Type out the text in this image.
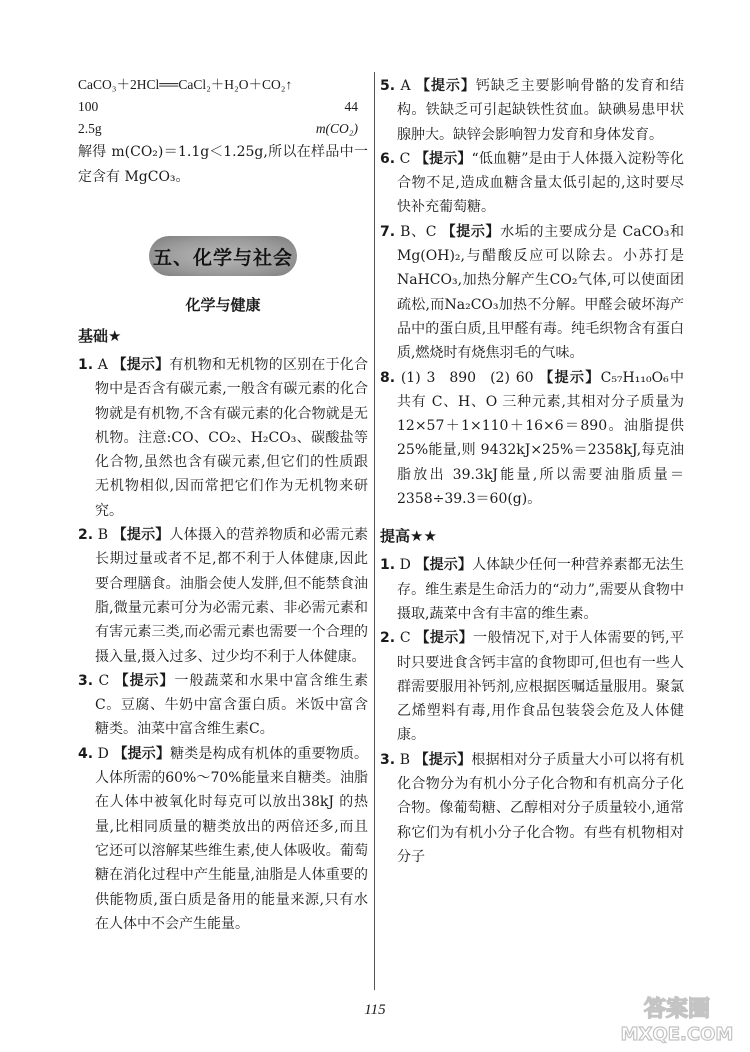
CaCO₃＋2HCl══CaCl₂＋H₂O＋CO₂↑
100	44
2.5g	m(CO₂)

解得 m(CO₂)＝1.1g＜1.25g,所以在样品中一定含有 MgCO₃。

五、化学与社会
化学与健康
基础★

1. A 【提示】有机物和无机物的区别在于化合物中是否含有碳元素,一般含有碳元素的化合物就是有机物,不含有碳元素的化合物就是无机物。注意:CO、CO₂、H₂CO₃、碳酸盐等化合物,虽然也含有碳元素,但它们的性质跟无机物相似,因而常把它们作为无机物来研究。

2. B 【提示】人体摄入的营养物质和必需元素长期过量或者不足,都不利于人体健康,因此要合理膳食。油脂会使人发胖,但不能禁食油脂,微量元素可分为必需元素、非必需元素和有害元素三类,而必需元素也需要一个合理的摄入量,摄入过多、过少均不利于人体健康。

3. C 【提示】一般蔬菜和水果中富含维生素C。豆腐、牛奶中富含蛋白质。米饭中富含糖类。油菜中富含维生素C。

4. D 【提示】糖类是构成有机体的重要物质。人体所需的60%～70%能量来自糖类。油脂在人体中被氧化时每克可以放出38kJ 的热量,比相同质量的糖类放出的两倍还多,而且它还可以溶解某些维生素,使人体吸收。葡萄糖在消化过程中产生能量,油脂是人体重要的供能物质,蛋白质是备用的能量来源,只有水在人体中不会产生能量。

5. A 【提示】钙缺乏主要影响骨骼的发育和结构。铁缺乏可引起缺铁性贫血。缺碘易患甲状腺肿大。缺锌会影响智力发育和身体发育。

6. C 【提示】“低血糖”是由于人体摄入淀粉等化合物不足,造成血糖含量太低引起的,这时要尽快补充葡萄糖。

7. B、C 【提示】水垢的主要成分是 CaCO₃和 Mg(OH)₂,与醋酸反应可以除去。小苏打是 NaHCO₃,加热分解产生CO₂气体,可以使面团疏松,而Na₂CO₃加热不分解。甲醛会破坏海产品中的蛋白质,且甲醛有毒。纯毛织物含有蛋白质,燃烧时有烧焦羽毛的气味。

8. (1) 3 890 (2) 60 【提示】C₅₇H₁₁₀O₆中共有 C、H、O 三种元素,其相对分子质量为 12×57＋1×110＋16×6＝890。油脂提供25%能量,则 9432kJ×25%＝2358kJ,每克油脂放出 39.3kJ能量,所以需要油脂质量＝2358÷39.3＝60(g)。

提高★★

1. D 【提示】人体缺少任何一种营养素都无法生存。维生素是生命活力的“动力”,需要从食物中摄取,蔬菜中含有丰富的维生素。

2. C 【提示】一般情况下,对于人体需要的钙,平时只要进食含钙丰富的食物即可,但也有一些人群需要服用补钙剂,应根据医嘱适量服用。聚氯乙烯塑料有毒,用作食品包装袋会危及人体健康。

3. B 【提示】根据相对分子质量大小可以将有机化合物分为有机小分子化合物和有机高分子化合物。像葡萄糖、乙醇相对分子质量较小,通常称它们为有机小分子化合物。有些有机物相对分子

115	答案圈
MXQE.COM
